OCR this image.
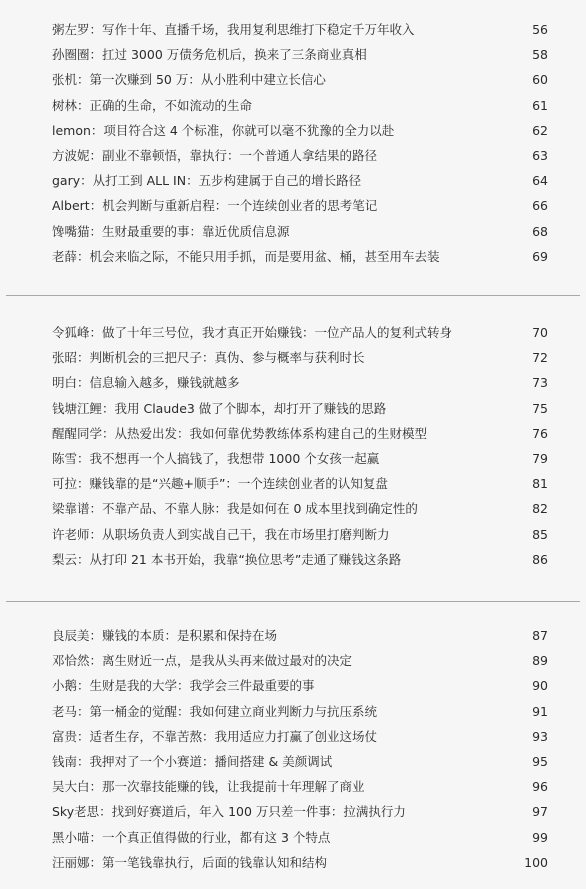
粥左罗：写作十年、直播千场，我用复利思维打下稳定千万年收入	56
孙圈圈：扛过 3000 万债务危机后，换来了三条商业真相	58
张机：第一次赚到 50 万：从小胜利中建立长信心	60
树林：正确的生命，不如流动的生命	61
lemon：项目符合这 4 个标准，你就可以毫不犹豫的全力以赴	62
方波妮：副业不靠顿悟，靠执行：一个普通人拿结果的路径	63
gary：从打工到 ALL IN：五步构建属于自己的增长路径	64
Albert：机会判断与重新启程：一个连续创业者的思考笔记	66
馋嘴猫：生财最重要的事：靠近优质信息源	68
老薛：机会来临之际，不能只用手抓，而是要用盆、桶，甚至用车去装	69
令狐峰：做了十年三号位，我才真正开始赚钱：一位产品人的复利式转身	70
张昭：判断机会的三把尺子：真伪、参与概率与获利时长	72
明白：信息输入越多，赚钱就越多	73
钱塘江鲤：我用 Claude3 做了个脚本，却打开了赚钱的思路	75
醒醒同学：从热爱出发：我如何靠优势教练体系构建自己的生财模型	76
陈雪：我不想再一个人搞钱了，我想带 1000 个女孩一起赢	79
可拉：赚钱靠的是“兴趣+顺手”：一个连续创业者的认知复盘	81
梁靠谱：不靠产品、不靠人脉：我是如何在 0 成本里找到确定性的	82
许老师：从职场负责人到实战自己干，我在市场里打磨判断力	85
梨云：从打印 21 本书开始，我靠“换位思考”走通了赚钱这条路	86
良辰美：赚钱的本质：是积累和保持在场	87
邓恰然：离生财近一点，是我从头再来做过最对的决定	89
小鹅：生财是我的大学：我学会三件最重要的事	90
老马：第一桶金的觉醒：我如何建立商业判断力与抗压系统	91
富贵：适者生存，不靠苦熬：我用适应力打赢了创业这场仗	93
钱南：我押对了一个小赛道：播间搭建 & 美颜调试	95
吴大白：那一次靠技能赚的钱，让我提前十年理解了商业	96
Sky老思：找到好赛道后，年入 100 万只差一件事：拉满执行力	97
黑小喵：一个真正值得做的行业，都有这 3 个特点	99
汪丽娜：第一笔钱靠执行，后面的钱靠认知和结构	100
